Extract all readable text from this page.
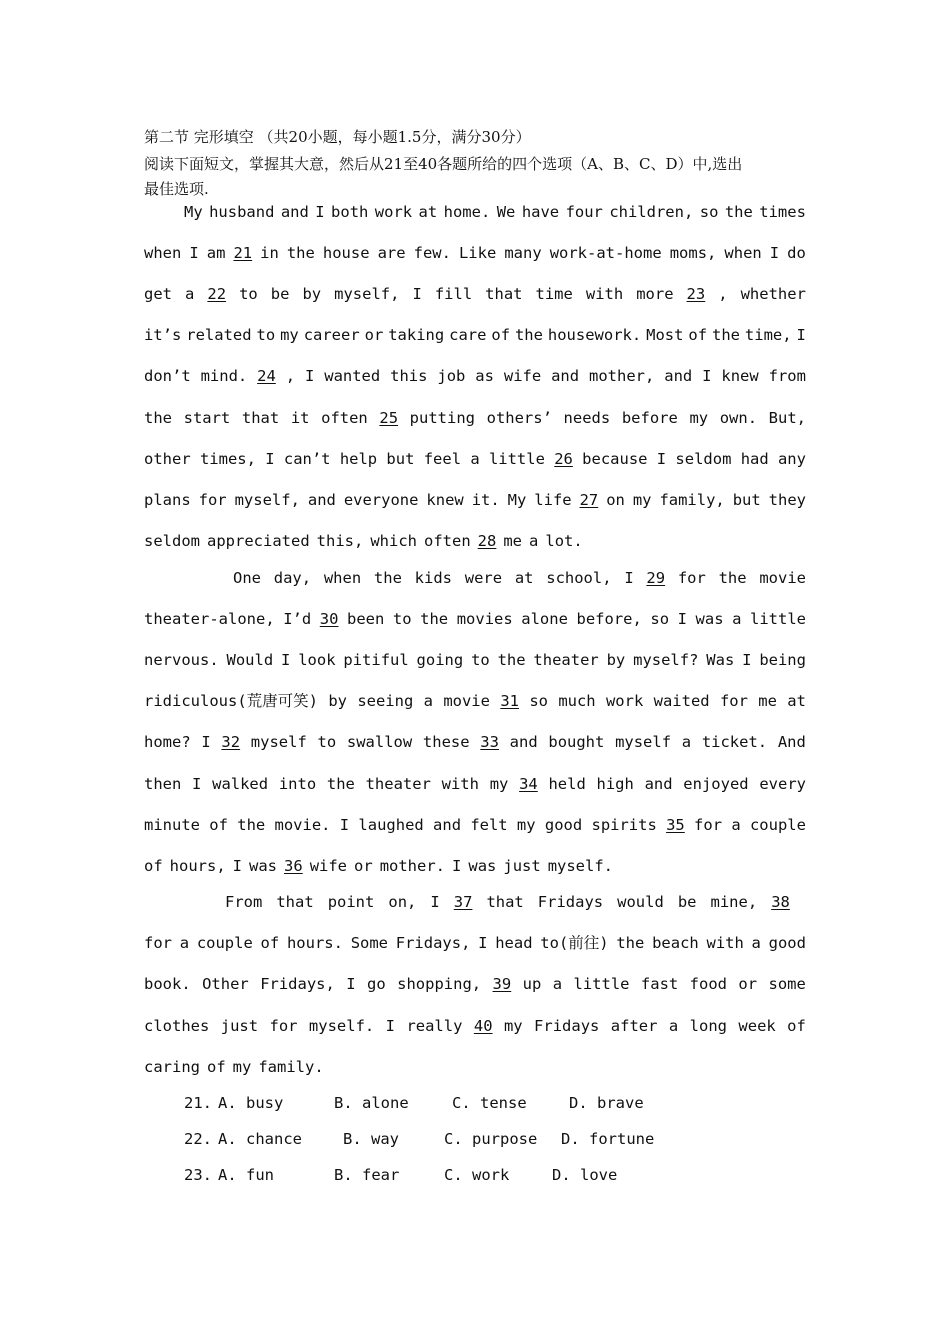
第二节 完形填空 （共20小题，每小题1.5分，满分30分）
阅读下面短文，掌握其大意，然后从21至40各题所给的四个选项（A、B、C、D）中,选出
最佳选项.
My husband and I both work at home. We have four children, so the times
when I am 21 in the house are few. Like many work-at-home moms, when I do
get a 22 to be by myself, I fill that time with more 23 , whether
it’s related to my career or taking care of the housework. Most of the time, I
don’t mind. 24 , I wanted this job as wife and mother, and I knew from
the start that it often 25 putting others’ needs before my own. But,
other times, I can’t help but feel a little 26 because I seldom had any
plans for myself, and everyone knew it. My life 27 on my family, but they
seldom appreciated this, which often 28 me a lot.
One day, when the kids were at school, I 29 for the movie
theater-alone, I’d 30 been to the movies alone before, so I was a little
nervous. Would I look pitiful going to the theater by myself? Was I being
ridiculous(荒唐可笑) by seeing a movie 31 so much work waited for me at
home? I 32 myself to swallow these 33 and bought myself a ticket. And
then I walked into the theater with my 34 held high and enjoyed every
minute of the movie. I laughed and felt my good spirits 35 for a couple
of hours, I was 36 wife or mother. I was just myself.
From that point on, I 37 that Fridays would be mine, 38
for a couple of hours. Some Fridays, I head to(前往) the beach with a good
book. Other Fridays, I go shopping, 39 up a little fast food or some
clothes just for myself. I really 40 my Fridays after a long week of
caring of my family.
21. A. busy	B. alone	C. tense	D. brave
22. A. chance	B. way	C. purpose D. fortune
23. A. fun	B. fear	C. work	D. love
